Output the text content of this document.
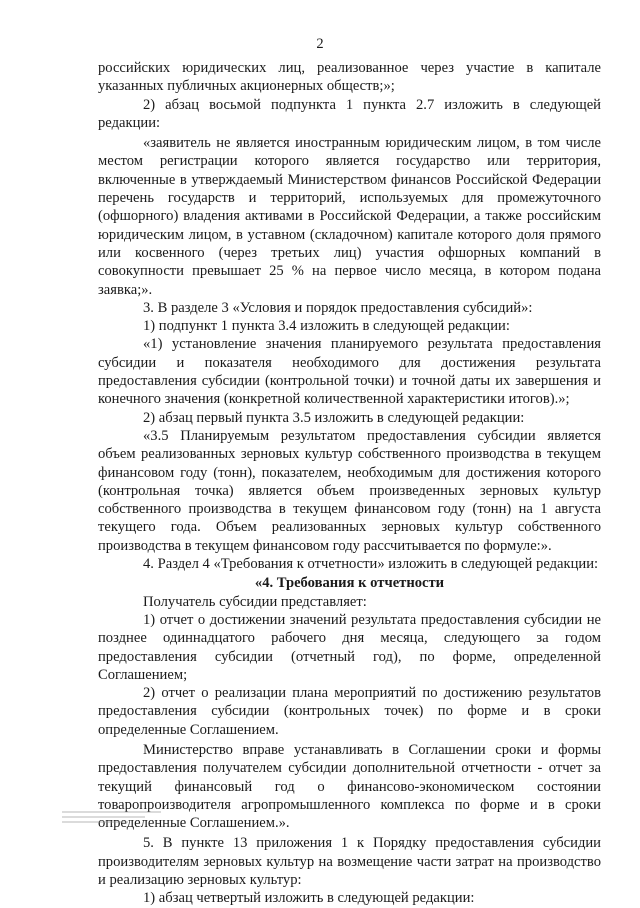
2

российских юридических лиц, реализованное через участие в капитале указанных публичных акционерных обществ;»;

2) абзац восьмой подпункта 1 пункта 2.7 изложить в следующей редакции:

«заявитель не является иностранным юридическим лицом, в том числе местом регистрации которого является государство или территория, включенные в утверждаемый Министерством финансов Российской Федерации перечень государств и территорий, используемых для промежуточного (офшорного) владения активами в Российской Федерации, а также российским юридическим лицом, в уставном (складочном) капитале которого доля прямого или косвенного (через третьих лиц) участия офшорных компаний в совокупности превышает 25 % на первое число месяца, в котором подана заявка;».

3. В разделе 3 «Условия и порядок предоставления субсидий»:

1) подпункт 1 пункта 3.4 изложить в следующей редакции:

«1) установление значения планируемого результата предоставления субсидии и показателя необходимого для достижения результата предоставления субсидии (контрольной точки) и точной даты их завершения и конечного значения (конкретной количественной характеристики итогов).»;

2) абзац первый пункта 3.5 изложить в следующей редакции:

«3.5 Планируемым результатом предоставления субсидии является объем реализованных зерновых культур собственного производства в текущем финансовом году (тонн), показателем, необходимым для достижения которого (контрольная точка) является объем произведенных зерновых культур собственного производства в текущем финансовом году (тонн) на 1 августа текущего года. Объем реализованных зерновых культур собственного производства в текущем финансовом году рассчитывается по формуле:».

4. Раздел 4 «Требования к отчетности» изложить в следующей редакции:

«4. Требования к отчетности

Получатель субсидии представляет:

1) отчет о достижении значений результата предоставления субсидии не позднее одиннадцатого рабочего дня месяца, следующего за годом предоставления субсидии (отчетный год), по форме, определенной Соглашением;

2) отчет о реализации плана мероприятий по достижению результатов предоставления субсидии (контрольных точек) по форме и в сроки определенные Соглашением.

Министерство вправе устанавливать в Соглашении сроки и формы предоставления получателем субсидии дополнительной отчетности - отчет за текущий финансовый год о финансово-экономическом состоянии товаропроизводителя агропромышленного комплекса по форме и в сроки определенные Соглашением.».

5. В пункте 13 приложения 1 к Порядку предоставления субсидии производителям зерновых культур на возмещение части затрат на производство и реализацию зерновых культур:

1) абзац четвертый изложить в следующей редакции:
